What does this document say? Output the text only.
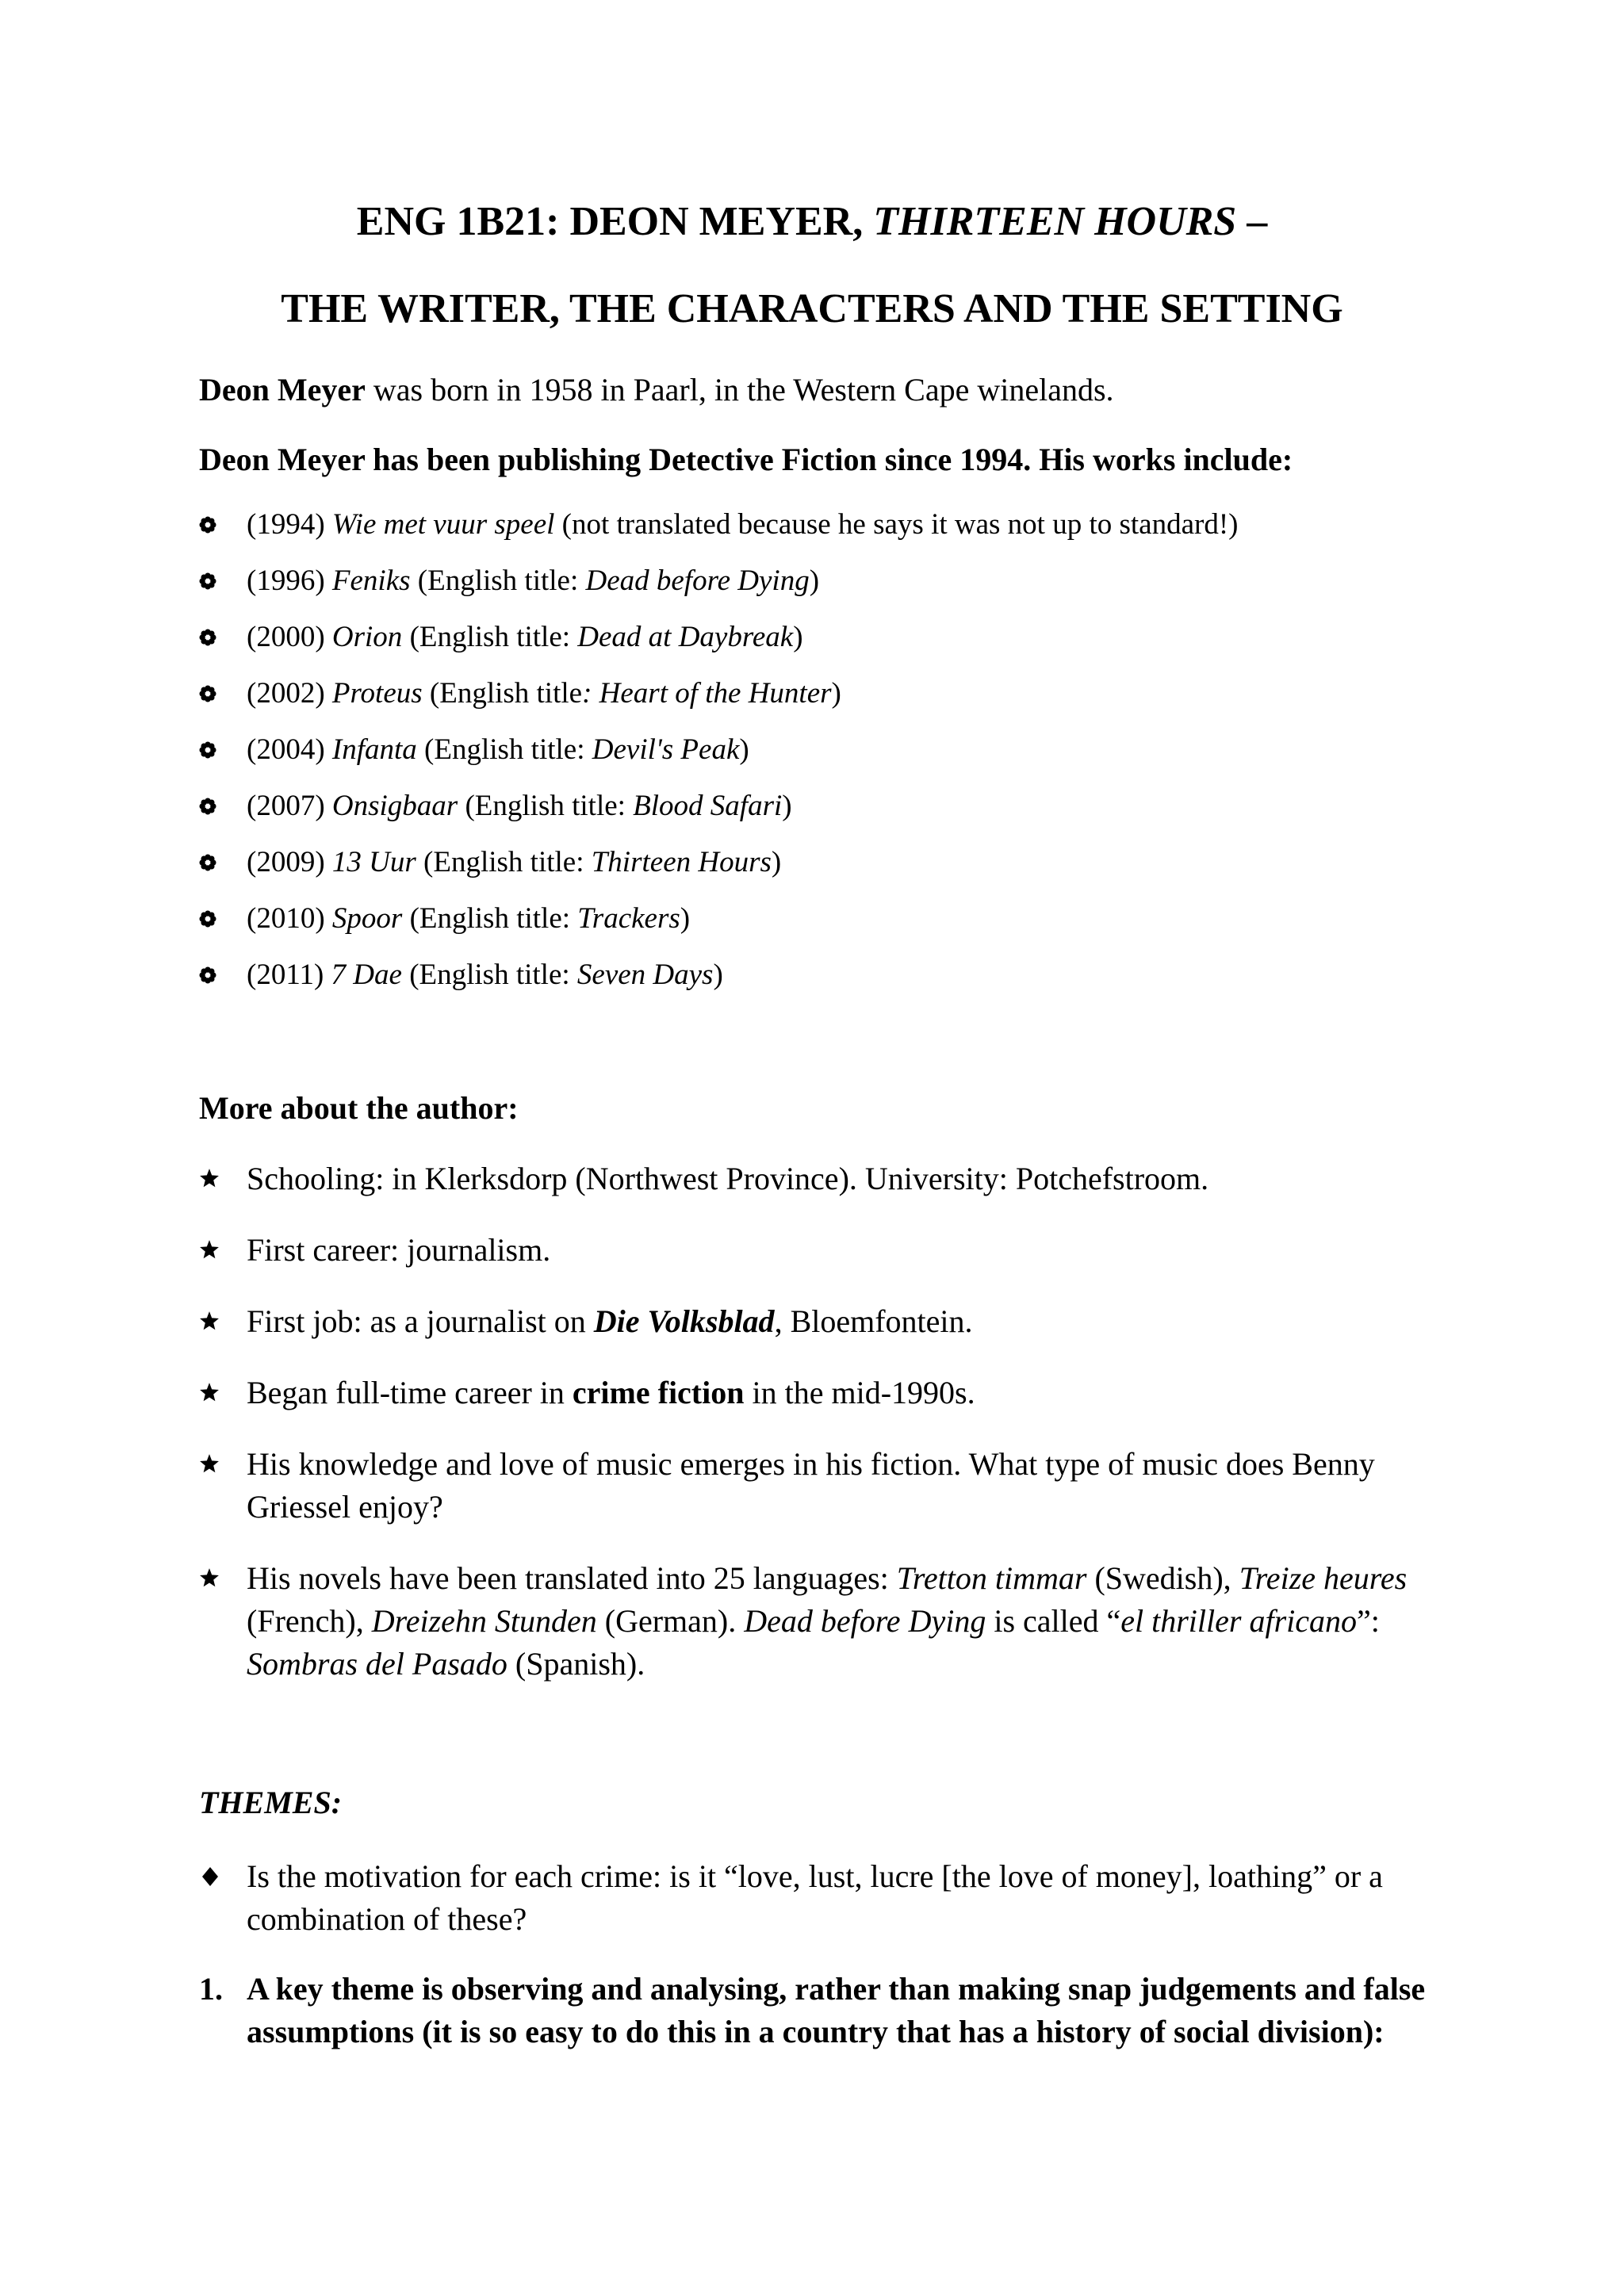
ENG 1B21: DEON MEYER, THIRTEEN HOURS –
THE WRITER, THE CHARACTERS AND THE SETTING
Deon Meyer was born in 1958 in Paarl, in the Western Cape winelands.
Deon Meyer has been publishing Detective Fiction since 1994. His works include:
(1994) Wie met vuur speel (not translated because he says it was not up to standard!)
(1996) Feniks (English title: Dead before Dying)
(2000) Orion (English title: Dead at Daybreak)
(2002) Proteus (English title: Heart of the Hunter)
(2004) Infanta (English title: Devil's Peak)
(2007) Onsigbaar (English title: Blood Safari)
(2009) 13 Uur (English title: Thirteen Hours)
(2010) Spoor (English title: Trackers)
(2011) 7 Dae (English title: Seven Days)
More about the author:
Schooling: in Klerksdorp (Northwest Province). University: Potchefstroom.
First career: journalism.
First job: as a journalist on Die Volksblad, Bloemfontein.
Began full-time career in crime fiction in the mid-1990s.
His knowledge and love of music emerges in his fiction. What type of music does Benny Griessel enjoy?
His novels have been translated into 25 languages: Tretton timmar (Swedish), Treize heures (French), Dreizehn Stunden (German). Dead before Dying is called “el thriller africano”: Sombras del Pasado (Spanish).
THEMES:
Is the motivation for each crime: is it “love, lust, lucre [the love of money], loathing” or a combination of these?
1. A key theme is observing and analysing, rather than making snap judgements and false assumptions (it is so easy to do this in a country that has a history of social division):
